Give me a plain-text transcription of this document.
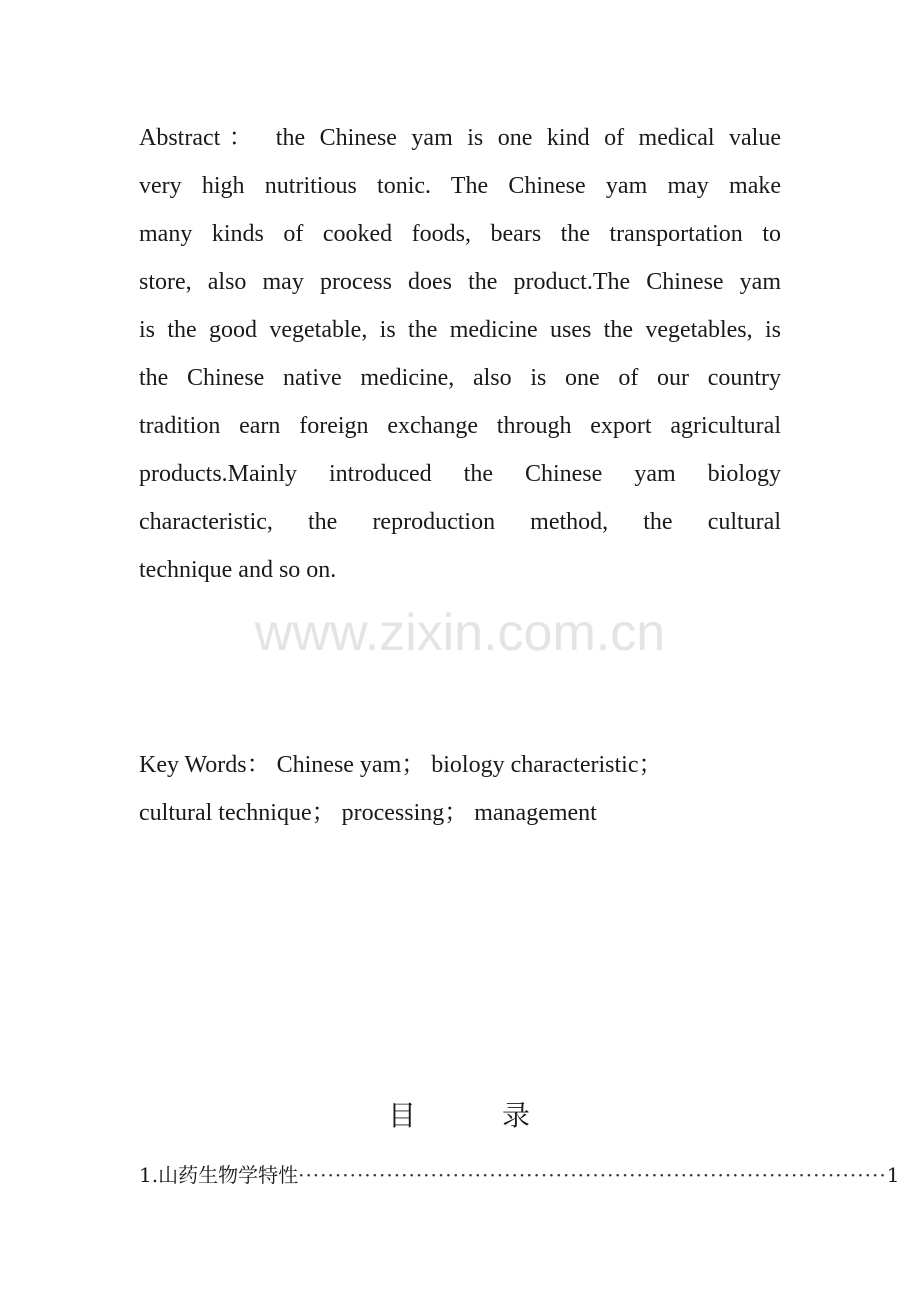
Abstract： the Chinese yam is one kind of medical value
very high nutritious tonic. The Chinese yam may make
many kinds of cooked foods, bears the transportation to
store, also may process does the product.The Chinese yam
is the good vegetable, is the medicine uses the vegetables, is
the Chinese native medicine, also is one of our country
tradition earn foreign exchange through export agricultural
products.Mainly introduced the Chinese yam biology
characteristic, the reproduction method, the cultural
technique and so on.
www.zixin.com.cn
Key Words： Chinese yam； biology characteristic；
cultural technique； processing； management
目	录
1.山药生物学特性 ················································································ 1
